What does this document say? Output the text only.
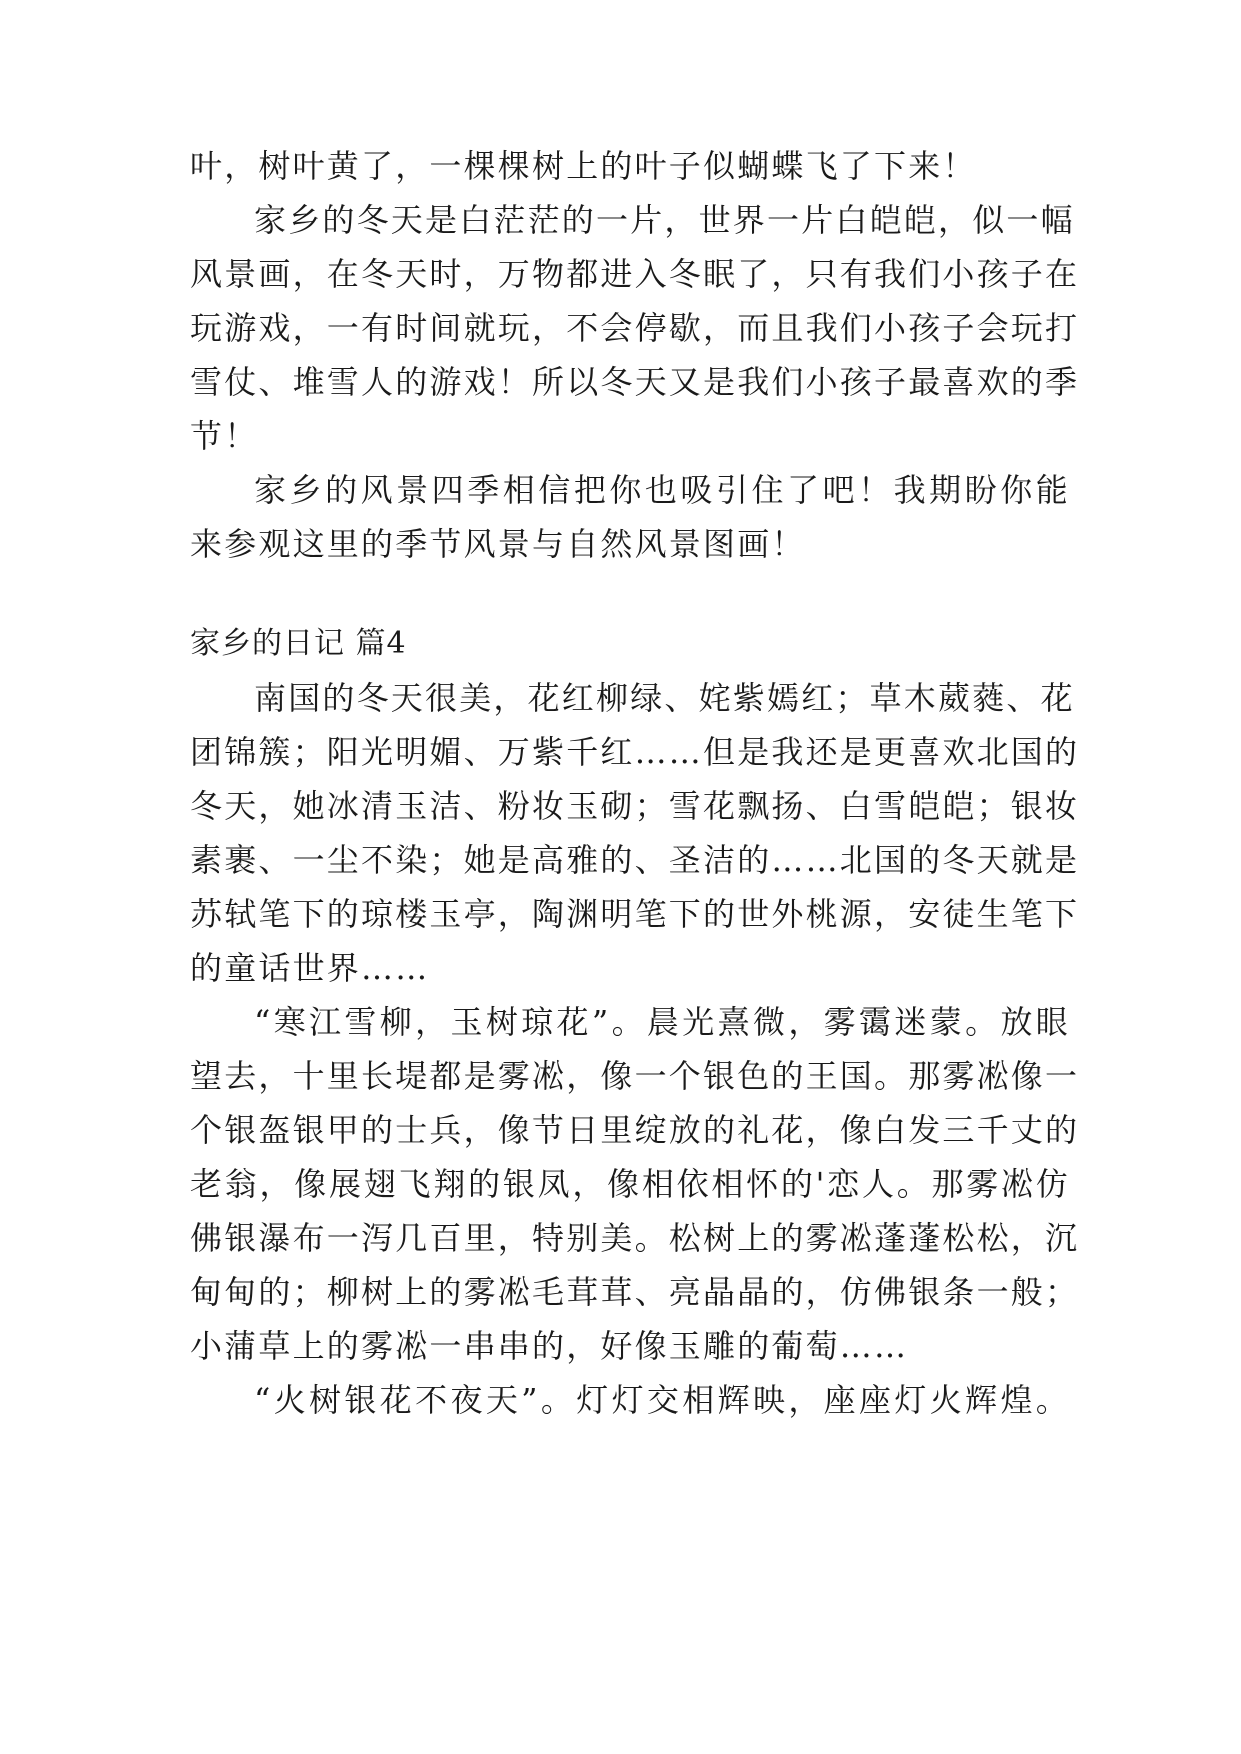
叶，树叶黄了，一棵棵树上的叶子似蝴蝶飞了下来！
家乡的冬天是白茫茫的一片，世界一片白皑皑，似一幅
风景画，在冬天时，万物都进入冬眠了，只有我们小孩子在
玩游戏，一有时间就玩，不会停歇，而且我们小孩子会玩打
雪仗、堆雪人的游戏！所以冬天又是我们小孩子最喜欢的季
节！
家乡的风景四季相信把你也吸引住了吧！我期盼你能
来参观这里的季节风景与自然风景图画！
家乡的日记 篇4
南国的冬天很美，花红柳绿、姹紫嫣红；草木葳蕤、花
团锦簇；阳光明媚、万紫千红……但是我还是更喜欢北国的
冬天，她冰清玉洁、粉妆玉砌；雪花飘扬、白雪皑皑；银妆
素裹、一尘不染；她是高雅的、圣洁的……北国的冬天就是
苏轼笔下的琼楼玉亭，陶渊明笔下的世外桃源，安徒生笔下
的童话世界……
“寒江雪柳，玉树琼花”。晨光熹微，雾霭迷蒙。放眼
望去，十里长堤都是雾凇，像一个银色的王国。那雾凇像一
个银盔银甲的士兵，像节日里绽放的礼花，像白发三千丈的
老翁，像展翅飞翔的银凤，像相依相怀的'恋人。那雾凇仿
佛银瀑布一泻几百里，特别美。松树上的雾凇蓬蓬松松，沉
甸甸的；柳树上的雾凇毛茸茸、亮晶晶的，仿佛银条一般；
小蒲草上的雾凇一串串的，好像玉雕的葡萄……
“火树银花不夜天”。灯灯交相辉映，座座灯火辉煌。
